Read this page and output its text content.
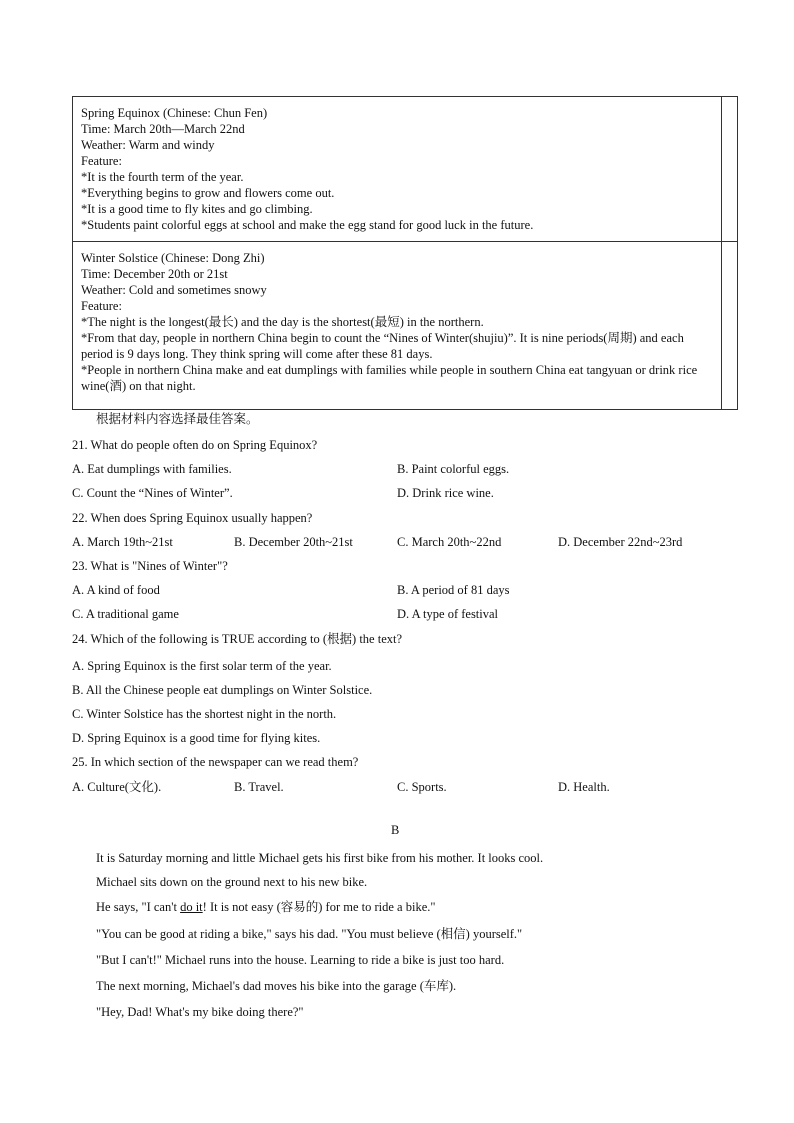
Spring Equinox (Chinese: Chun Fen)
Time: March 20th—March 22nd
Weather: Warm and windy
Feature:
*It is the fourth term of the year.
*Everything begins to grow and flowers come out.
*It is a good time to fly kites and go climbing.
*Students paint colorful eggs at school and make the egg stand for good luck in the future.
Winter Solstice (Chinese: Dong Zhi)
Time: December 20th or 21st
Weather: Cold and sometimes snowy
Feature:
*The night is the longest(最长) and the day is the shortest(最短) in the northern.
*From that day, people in northern China begin to count the “Nines of Winter(shujiu)”. It is nine periods(周期) and each period is 9 days long. They think spring will come after these 81 days.
*People in northern China make and eat dumplings with families while people in southern China eat tangyuan or drink rice wine(酒) on that night.
根据材料内容选择最佳答案。
21. What do people often do on Spring Equinox?
A. Eat dumplings with families.	B. Paint colorful eggs.
C. Count the “Nines of Winter”.	D. Drink rice wine.
22. When does Spring Equinox usually happen?
A. March 19th~21st	B. December 20th~21st	C. March 20th~22nd	D. December 22nd~23rd
23. What is "Nines of Winter"?
A. A kind of food	B. A period of 81 days
C. A traditional game	D. A type of festival
24. Which of the following is TRUE according to (根据) the text?
A. Spring Equinox is the first solar term of the year.
B. All the Chinese people eat dumplings on Winter Solstice.
C. Winter Solstice has the shortest night in the north.
D. Spring Equinox is a good time for flying kites.
25. In which section of the newspaper can we read them?
A. Culture(文化).	B. Travel.	C. Sports.	D. Health.
B
It is Saturday morning and little Michael gets his first bike from his mother. It looks cool.
Michael sits down on the ground next to his new bike.
He says, "I can't do it! It is not easy (容易的) for me to ride a bike."
"You can be good at riding a bike," says his dad. "You must believe (相信) yourself."
"But I can't!" Michael runs into the house. Learning to ride a bike is just too hard.
The next morning, Michael's dad moves his bike into the garage (车库).
"Hey, Dad! What's my bike doing there?"
